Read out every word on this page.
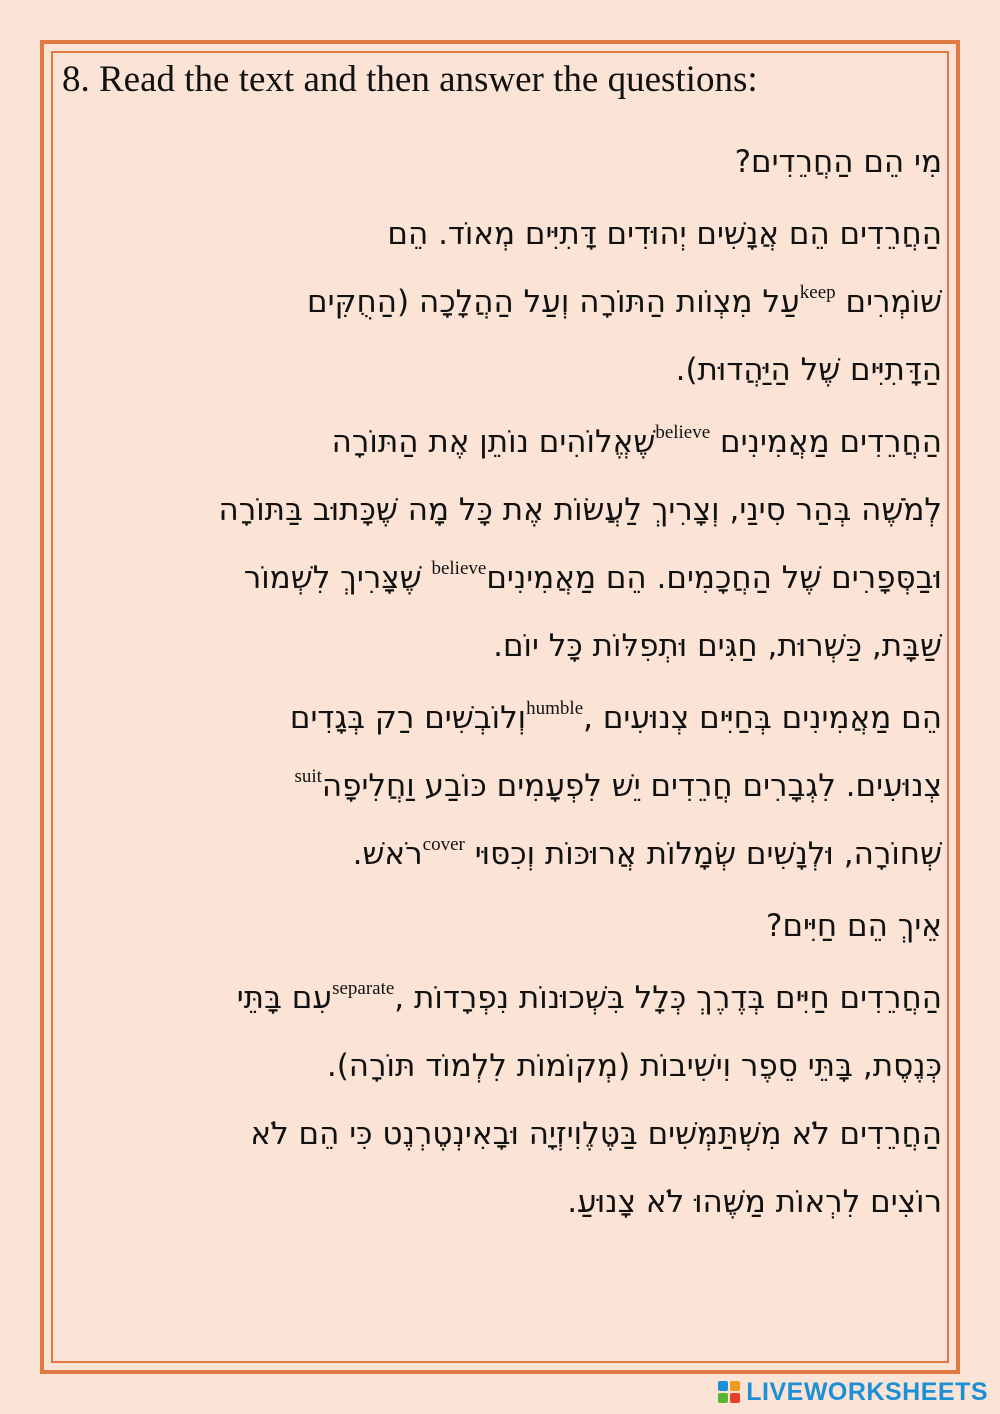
8. Read the text and then answer the questions:
מִי הֵם הַחֲרֵדִים?
הַחֲרֵדִים הֵם אֲנָשִׁים יְהוּדִים דָּתִיִּים מְאוֹד. הֵם
שׁוֹמְרִים $^{keep}$עַל מִצְוֹות הַתּוֹרָה וְעַל הַהֲלָכָה (הַחֻקִּים
הַדָּתִיִּים שֶׁל הַיַּהֲדוּת).
הַחֲרֵדִים מַאֲמִינִים $^{believe}$שֶׁאֱלוֹהִים נוֹתֵן אֶת הַתּוֹרָה
לְמֹשֶׁה בְּהַר סִינַי, וְצָרִיךְ לַעֲשׂוֹת אֶת כָּל מָה שֶׁכָּתוּב בַּתּוֹרָה
וּבַסְּפָרִים שֶׁל הַחֲכָמִים. הֵם מַאֲמִינִים$^{believe}$ שֶׁצָּרִיךְ לִשְׁמוֹר
שַׁבָּת, כַּשְׁרוּת, חַגִּים וּתְפִלּוֹת כָּל יוֹם.
הֵם מַאֲמִינִים בְּחַיִּים צְנוּעִים ,$^{humble}$וְלוֹבְשִׁים רַק בְּגָדִים
צְנוּעִים. לִגְבָרִים חֲרֵדִים יֵשׁ לִפְעָמִים כּוֹבַע וַחֲלִיפָה$^{suit}$
שְׁחוֹרָה, וּלְנָשִׁים שְׂמָלוֹת אֲרוּכּוֹת וְכִסּוּי $^{cover}$רֹאשׁ.
אֵיךְ הֵם חַיִּים?
הַחֲרֵדִים חַיִּים בְּדֶרֶךְ כְּלָל בִּשְׁכוּנוֹת נִפְרָדוֹת ,$^{separate}$עִם בָּתֵּי
כְּנֶסֶת, בָּתֵּי סֵפֶר וִישִׁיבוֹת (מְקוֹמוֹת לִלְמוֹד תּוֹרָה).
הַחֲרֵדִים לֹא מִשְׁתַּמְּשִׁים בַּטֶּלֶוִיזְיָה וּבָאִינְטֶרְנֶט כִּי הֵם לֹא
רוֹצִים לִרְאוֹת מַשֶּׁהוּ לֹא צָנוּעַ.
LIVEWORKSHEETS
